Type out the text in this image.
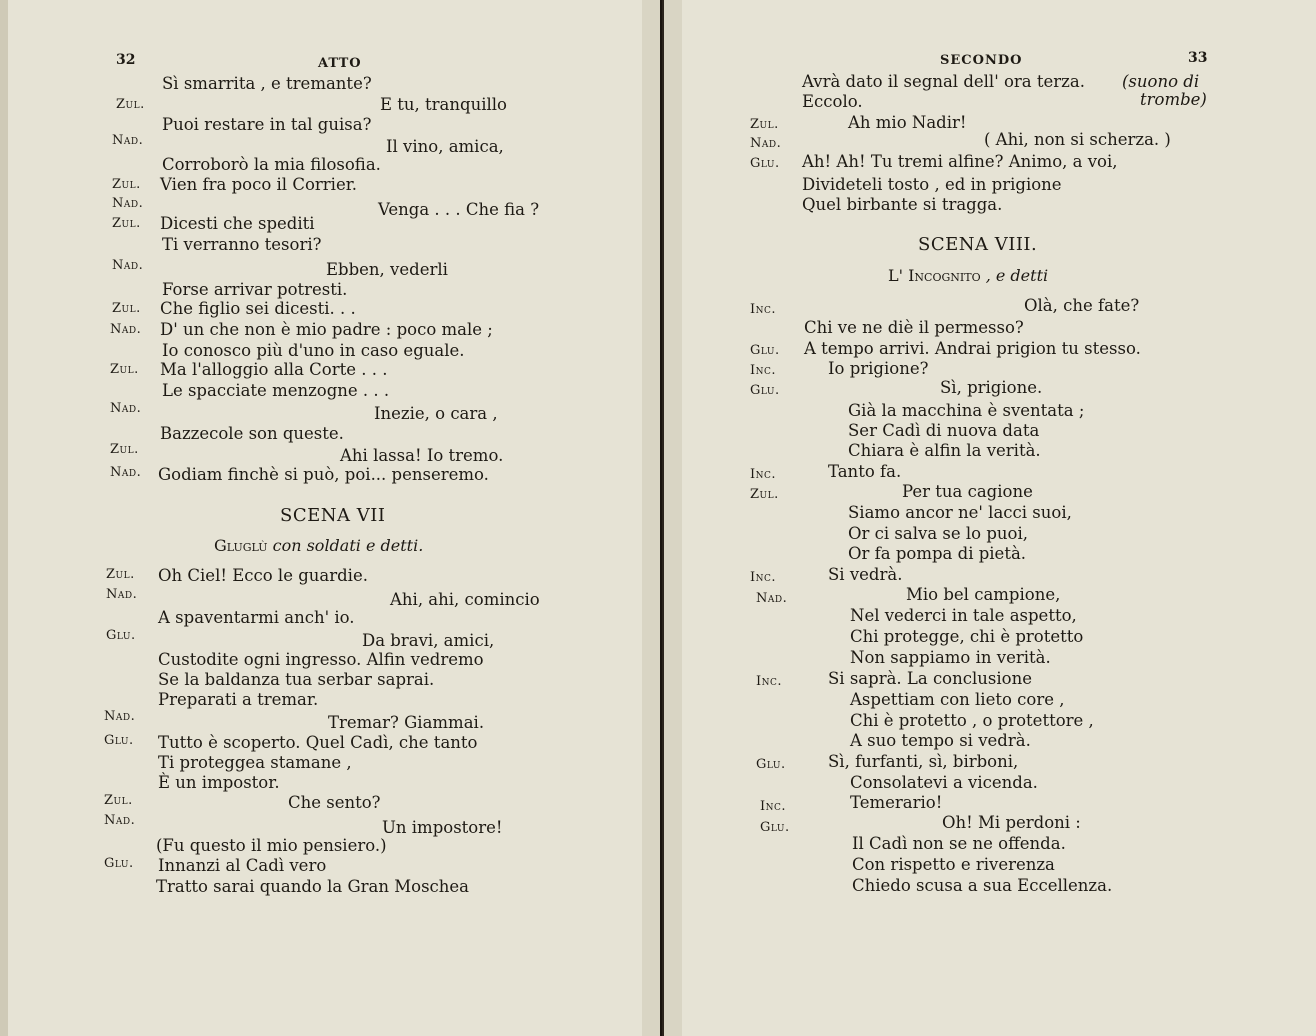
32	ATTO
Sì smarrita , e tremante?
Zul.	E tu, tranquillo
Puoi restare in tal guisa?
Nad.	Il vino, amica,
Corroborò la mia filosofia.
Zul. Vien fra poco il Corrier.
Nad.	Venga . . . Che fia ?
Zul. Dicesti che spediti
Ti verranno tesori?
Nad.	Ebben, vederli
Forse arrivar potresti.
Zul. Che figlio sei dicesti. . .
Nad. D' un che non è mio padre : poco male ;
Io conosco più d'uno in caso eguale.
Zul. Ma l'alloggio alla Corte . . .
Le spacciate menzogne . . .
Nad.	Inezie, o cara ,
Bazzecole son queste.
Zul.	Ahi lassa! Io tremo.
Nad. Godiam finchè si può, poi... penseremo.
SCENA VII
Gluglù con soldati e detti.
Zul. Oh Ciel! Ecco le guardie.
Nad.	Ahi, ahi, comincio
A spaventarmi anch' io.
Glu.	Da bravi, amici,
Custodite ogni ingresso. Alfin vedremo
Se la baldanza tua serbar saprai.
Preparati a tremar.
Nad.	Tremar? Giammai.
Glu. Tutto è scoperto. Quel Cadì, che tanto
Ti proteggea stamane ,
È un impostor.
Zul.	Che sento?
Nad.	Un impostore!
(Fu questo il mio pensiero.)
Glu. Innanzi al Cadì vero
Tratto sarai quando la Gran Moschea
SECONDO	33
Avrà dato il segnal dell' ora terza. (suono di
Eccolo.	trombe)
Zul.	Ah mio Nadir!
Nad.	( Ahi, non si scherza. )
Glu. Ah! Ah! Tu tremi alfine? Animo, a voi,
Divideteli tosto , ed in prigione
Quel birbante si tragga.
SCENA VIII.
L' Incognito , e detti
Inc.	Olà, che fate?
Chi ve ne diè il permesso?
Glu. A tempo arrivi. Andrai prigion tu stesso.
Inc.	Io prigione?
Glu.	Sì, prigione.
Già la macchina è sventata ;
Ser Cadì di nuova data
Chiara è alfin la verità.
Inc.	Tanto fa.
Zul.	Per tua cagione
Siamo ancor ne' lacci suoi,
Or ci salva se lo puoi,
Or fa pompa di pietà.
Inc.	Si vedrà.
Nad.	Mio bel campione,
Nel vederci in tale aspetto,
Chi protegge, chi è protetto
Non sappiamo in verità.
Inc.	Si saprà. La conclusione
Aspettiam con lieto core ,
Chi è protetto , o protettore ,
A suo tempo si vedrà.
Glu.	Sì, furfanti, sì, birboni,
Consolatevi a vicenda.
Inc.	Temerario!
Glu.	Oh! Mi perdoni :
Il Cadì non se ne offenda.
Con rispetto e riverenza
Chiedo scusa a sua Eccellenza.
